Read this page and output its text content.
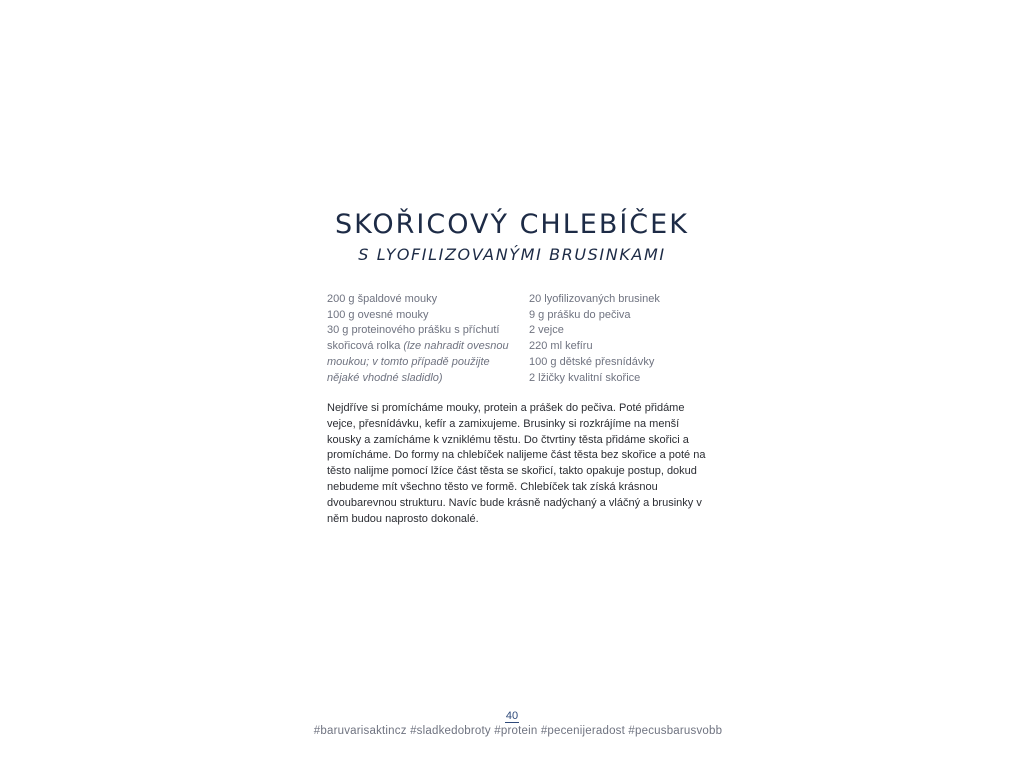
SKOŘICOVÝ CHLEBÍČEK
S LYOFILIZOVANÝMI BRUSINKAMI
200 g špaldové mouky
100 g ovesné mouky
30 g proteinového prášku s příchutí
skořicová rolka (lze nahradit ovesnou
moukou; v tomto případě použijte
nějaké vhodné sladidlo)
20 lyofilizovaných brusinek
9 g prášku do pečiva
2 vejce
220 ml kefíru
100 g dětské přesnídávky
2 lžičky kvalitní skořice

Nejdříve si promícháme mouky, protein a prášek do pečiva. Poté přidáme vejce, přesnídávku, kefír a zamixujeme. Brusinky si rozkrájíme na menší kousky a zamícháme k vzniklému těstu. Do čtvrtiny těsta přidáme skořici a promícháme. Do formy na chlebíček nalijeme část těsta bez skořice a poté na těsto nalijme pomocí lžíce část těsta se skořicí, takto opakuje postup, dokud nebudeme mít všechno těsto ve formě. Chlebíček tak získá krásnou dvoubarevnou strukturu. Navíc bude krásně nadýchaný a vláčný a brusinky v něm budou naprosto dokonalé.

40
#baruvarisaktincz #sladkedobroty #protein #pecenijeradost #pecusbarusvobb
